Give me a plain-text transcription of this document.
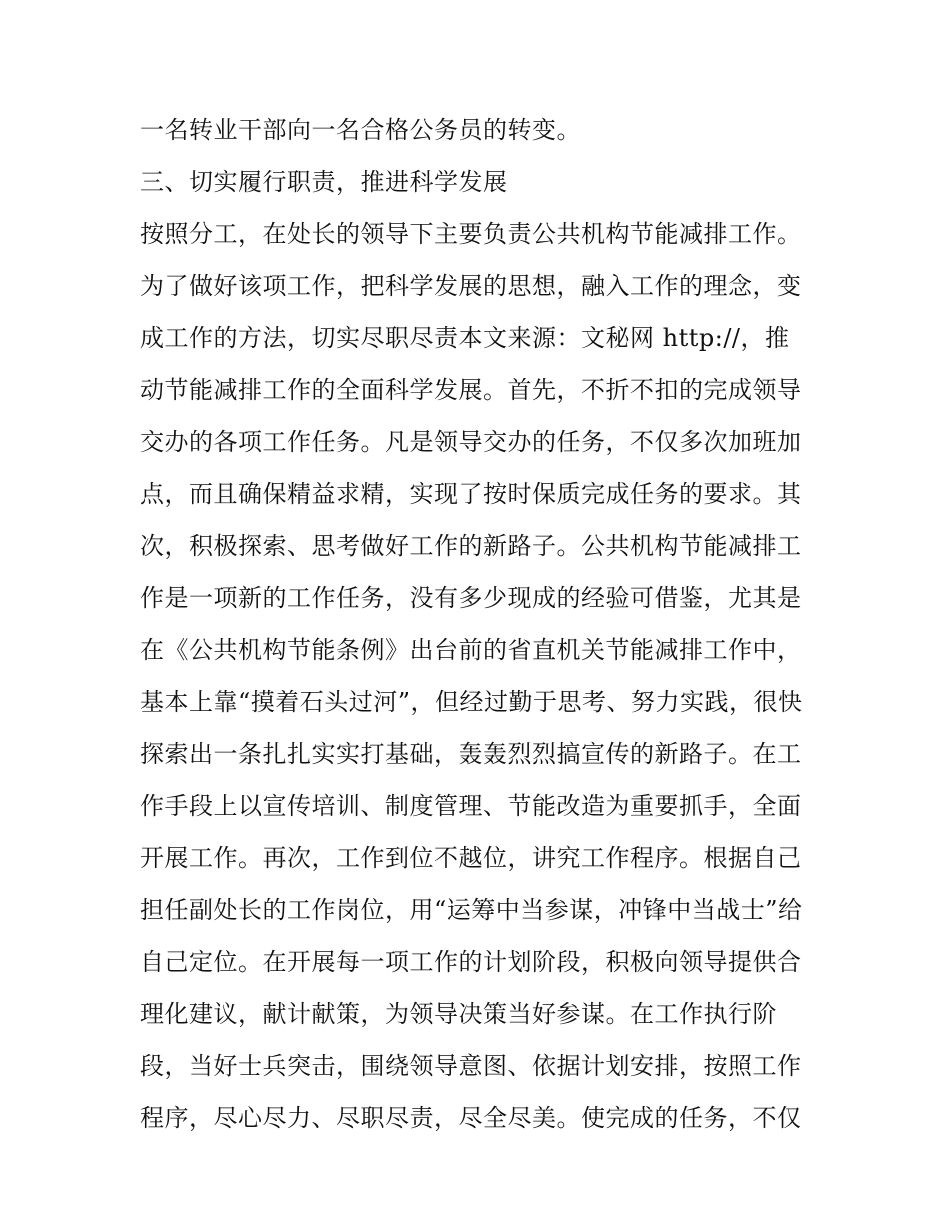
一名转业干部向一名合格公务员的转变。
三、切实履行职责，推进科学发展
按照分工，在处长的领导下主要负责公共机构节能减排工作。
为了做好该项工作，把科学发展的思想，融入工作的理念，变
成工作的方法，切实尽职尽责本文来源：文秘网 http://，推
动节能减排工作的全面科学发展。首先，不折不扣的完成领导
交办的各项工作任务。凡是领导交办的任务，不仅多次加班加
点，而且确保精益求精，实现了按时保质完成任务的要求。其
次，积极探索、思考做好工作的新路子。公共机构节能减排工
作是一项新的工作任务，没有多少现成的经验可借鉴，尤其是
在《公共机构节能条例》出台前的省直机关节能减排工作中，
基本上靠“摸着石头过河”，但经过勤于思考、努力实践，很快
探索出一条扎扎实实打基础，轰轰烈烈搞宣传的新路子。在工
作手段上以宣传培训、制度管理、节能改造为重要抓手，全面
开展工作。再次，工作到位不越位，讲究工作程序。根据自己
担任副处长的工作岗位，用“运筹中当参谋，冲锋中当战士”给
自己定位。在开展每一项工作的计划阶段，积极向领导提供合
理化建议，献计献策，为领导决策当好参谋。在工作执行阶
段，当好士兵突击，围绕领导意图、依据计划安排，按照工作
程序，尽心尽力、尽职尽责，尽全尽美。使完成的任务，不仅
